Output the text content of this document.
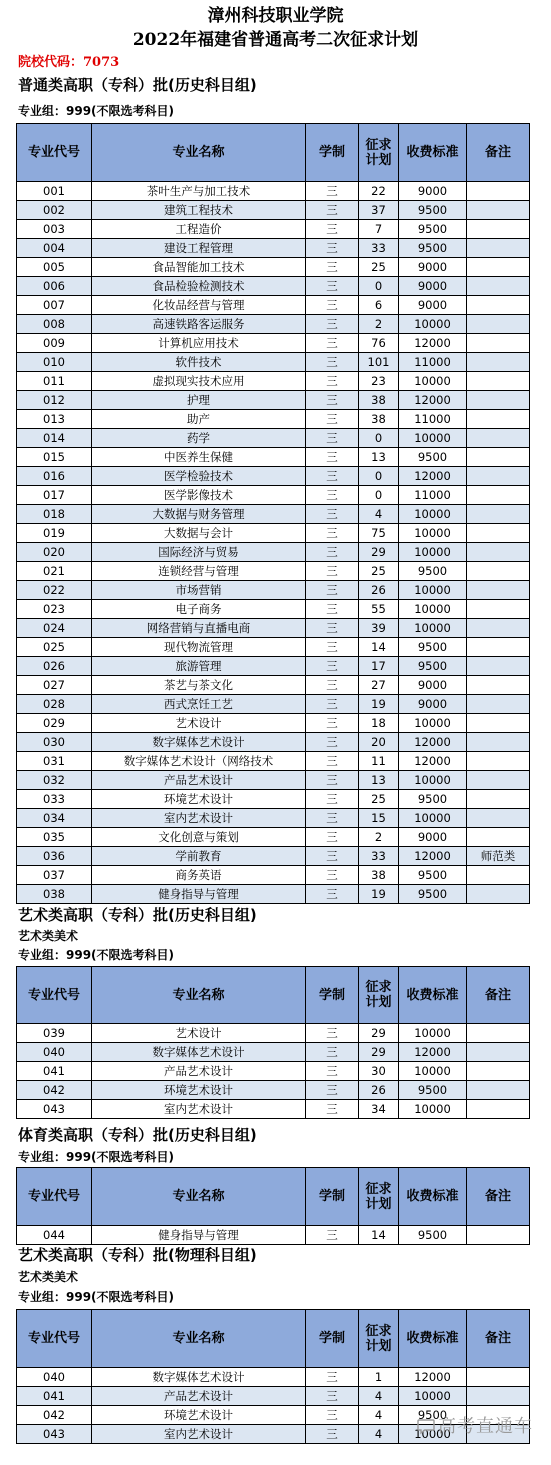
漳州科技职业学院
2022年福建省普通高考二次征求计划
院校代码：7073
普通类高职（专科）批(历史科目组)
专业组：999(不限选考科目)
专业代号	专业名称	学制	征求计划	收费标准	备注
001	茶叶生产与加工技术	三	22	9000	
002	建筑工程技术	三	37	9500	
003	工程造价	三	7	9500	
004	建设工程管理	三	33	9500	
005	食品智能加工技术	三	25	9000	
006	食品检验检测技术	三	0	9000	
007	化妆品经营与管理	三	6	9000	
008	高速铁路客运服务	三	2	10000	
009	计算机应用技术	三	76	12000	
010	软件技术	三	101	11000	
011	虚拟现实技术应用	三	23	10000	
012	护理	三	38	12000	
013	助产	三	38	11000	
014	药学	三	0	10000	
015	中医养生保健	三	13	9500	
016	医学检验技术	三	0	12000	
017	医学影像技术	三	0	11000	
018	大数据与财务管理	三	4	10000	
019	大数据与会计	三	75	10000	
020	国际经济与贸易	三	29	10000	
021	连锁经营与管理	三	25	9500	
022	市场营销	三	26	10000	
023	电子商务	三	55	10000	
024	网络营销与直播电商	三	39	10000	
025	现代物流管理	三	14	9500	
026	旅游管理	三	17	9500	
027	茶艺与茶文化	三	27	9000	
028	西式烹饪工艺	三	19	9000	
029	艺术设计	三	18	10000	
030	数字媒体艺术设计	三	20	12000	
031	数字媒体艺术设计（网络技术	三	11	12000	
032	产品艺术设计	三	13	10000	
033	环境艺术设计	三	25	9500	
034	室内艺术设计	三	15	10000	
035	文化创意与策划	三	2	9000	
036	学前教育	三	33	12000	师范类
037	商务英语	三	38	9500	
038	健身指导与管理	三	19	9500	
艺术类高职（专科）批(历史科目组)
艺术类美术
专业组：999(不限选考科目)
专业代号	专业名称	学制	征求计划	收费标准	备注
039	艺术设计	三	29	10000	
040	数字媒体艺术设计	三	29	12000	
041	产品艺术设计	三	30	10000	
042	环境艺术设计	三	26	9500	
043	室内艺术设计	三	34	10000	
体育类高职（专科）批(历史科目组)
专业组：999(不限选考科目)
专业代号	专业名称	学制	征求计划	收费标准	备注
044	健身指导与管理	三	14	9500	
艺术类高职（专科）批(物理科目组)
艺术类美术
专业组：999(不限选考科目)
专业代号	专业名称	学制	征求计划	收费标准	备注
040	数字媒体艺术设计	三	1	12000	
041	产品艺术设计	三	4	10000	
042	环境艺术设计	三	4	9500	
043	室内艺术设计	三	4	10000	
高考直通车
